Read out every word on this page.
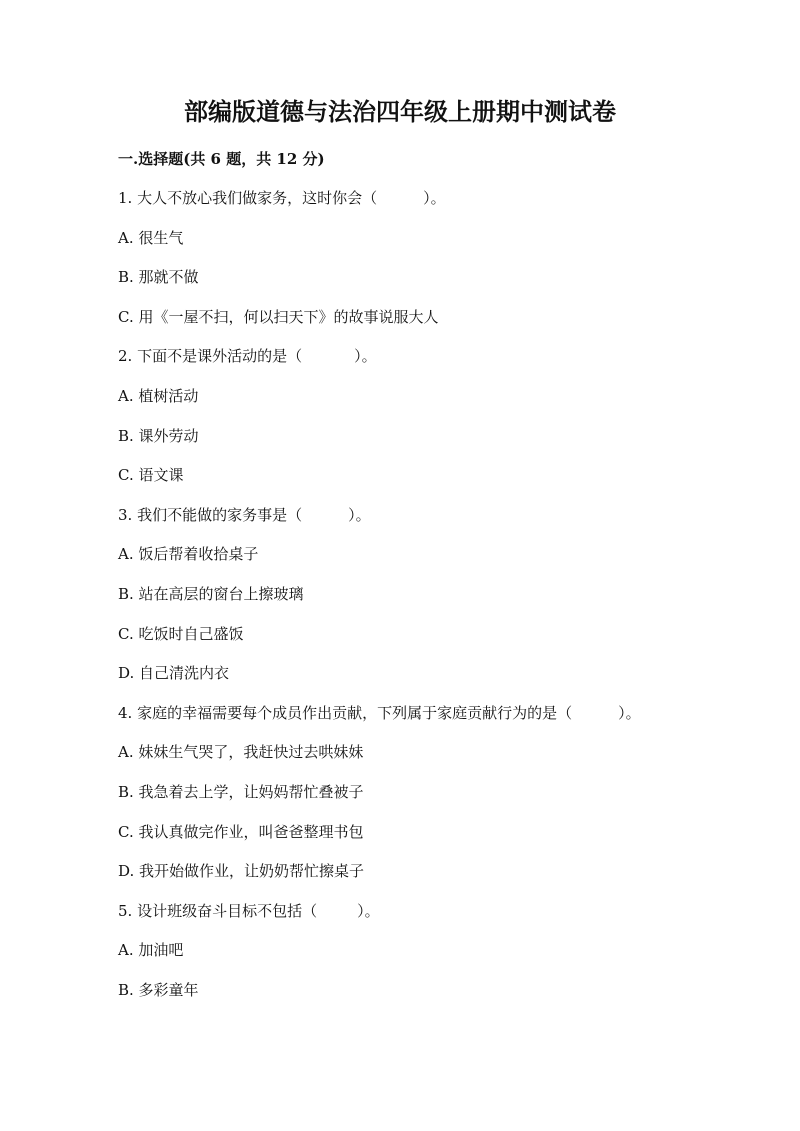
部编版道德与法治四年级上册期中测试卷
一.选择题(共 6 题，共 12 分)
1. 大人不放心我们做家务，这时你会（	）。
A. 很生气
B. 那就不做
C. 用《一屋不扫，何以扫天下》的故事说服大人
2. 下面不是课外活动的是（	）。
A. 植树活动
B. 课外劳动
C. 语文课
3. 我们不能做的家务事是（	）。
A. 饭后帮着收拾桌子
B. 站在高层的窗台上擦玻璃
C. 吃饭时自己盛饭
D. 自己清洗内衣
4. 家庭的幸福需要每个成员作出贡献，下列属于家庭贡献行为的是（	）。
A. 妹妹生气哭了，我赶快过去哄妹妹
B. 我急着去上学，让妈妈帮忙叠被子
C. 我认真做完作业，叫爸爸整理书包
D. 我开始做作业，让奶奶帮忙擦桌子
5. 设计班级奋斗目标不包括（	）。
A. 加油吧
B. 多彩童年
